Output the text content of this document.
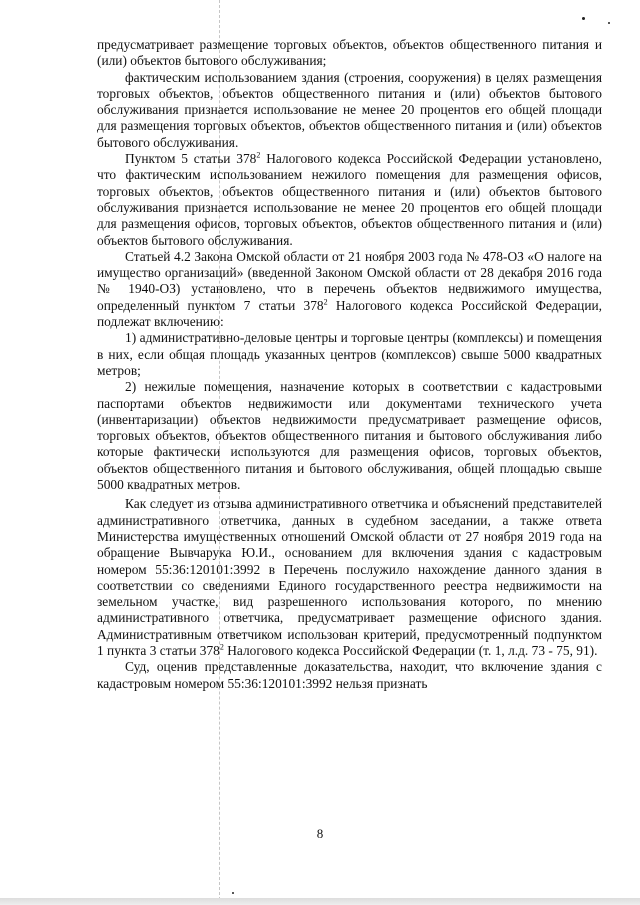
предусматривает размещение торговых объектов, объектов общественного питания и (или) объектов бытового обслуживания;

фактическим использованием здания (строения, сооружения) в целях размещения торговых объектов, объектов общественного питания и (или) объектов бытового обслуживания признается использование не менее 20 процентов его общей площади для размещения торговых объектов, объектов общественного питания и (или) объектов бытового обслуживания.

Пунктом 5 статьи $378^2$ Налогового кодекса Российской Федерации установлено, что фактическим использованием нежилого помещения для размещения офисов, торговых объектов, объектов общественного питания и (или) объектов бытового обслуживания признается использование не менее 20 процентов его общей площади для размещения офисов, торговых объектов, объектов общественного питания и (или) объектов бытового обслуживания.

Статьей 4.2 Закона Омской области от 21 ноября 2003 года № 478-ОЗ «О налоге на имущество организаций» (введенной Законом Омской области от 28 декабря 2016 года № 1940-ОЗ) установлено, что в перечень объектов недвижимого имущества, определенный пунктом 7 статьи $378^2$ Налогового кодекса Российской Федерации, подлежат включению:

1) административно-деловые центры и торговые центры (комплексы) и помещения в них, если общая площадь указанных центров (комплексов) свыше 5000 квадратных метров;

2) нежилые помещения, назначение которых в соответствии с кадастровыми паспортами объектов недвижимости или документами технического учета (инвентаризации) объектов недвижимости предусматривает размещение офисов, торговых объектов, объектов общественного питания и бытового обслуживания либо которые фактически используются для размещения офисов, торговых объектов, объектов общественного питания и бытового обслуживания, общей площадью свыше 5000 квадратных метров.

Как следует из отзыва административного ответчика и объяснений представителей административного ответчика, данных в судебном заседании, а также ответа Министерства имущественных отношений Омской области от 27 ноября 2019 года на обращение Вывчарука Ю.И., основанием для включения здания с кадастровым номером 55:36:120101:3992 в Перечень послужило нахождение данного здания в соответствии со сведениями Единого государственного реестра недвижимости на земельном участке, вид разрешенного использования которого, по мнению административного ответчика, предусматривает размещение офисного здания. Административным ответчиком использован критерий, предусмотренный подпунктом 1 пункта 3 статьи $378^2$ Налогового кодекса Российской Федерации (т. 1, л.д. 73 - 75, 91).

Суд, оценив представленные доказательства, находит, что включение здания с кадастровым номером 55:36:120101:3992 нельзя признать

8
